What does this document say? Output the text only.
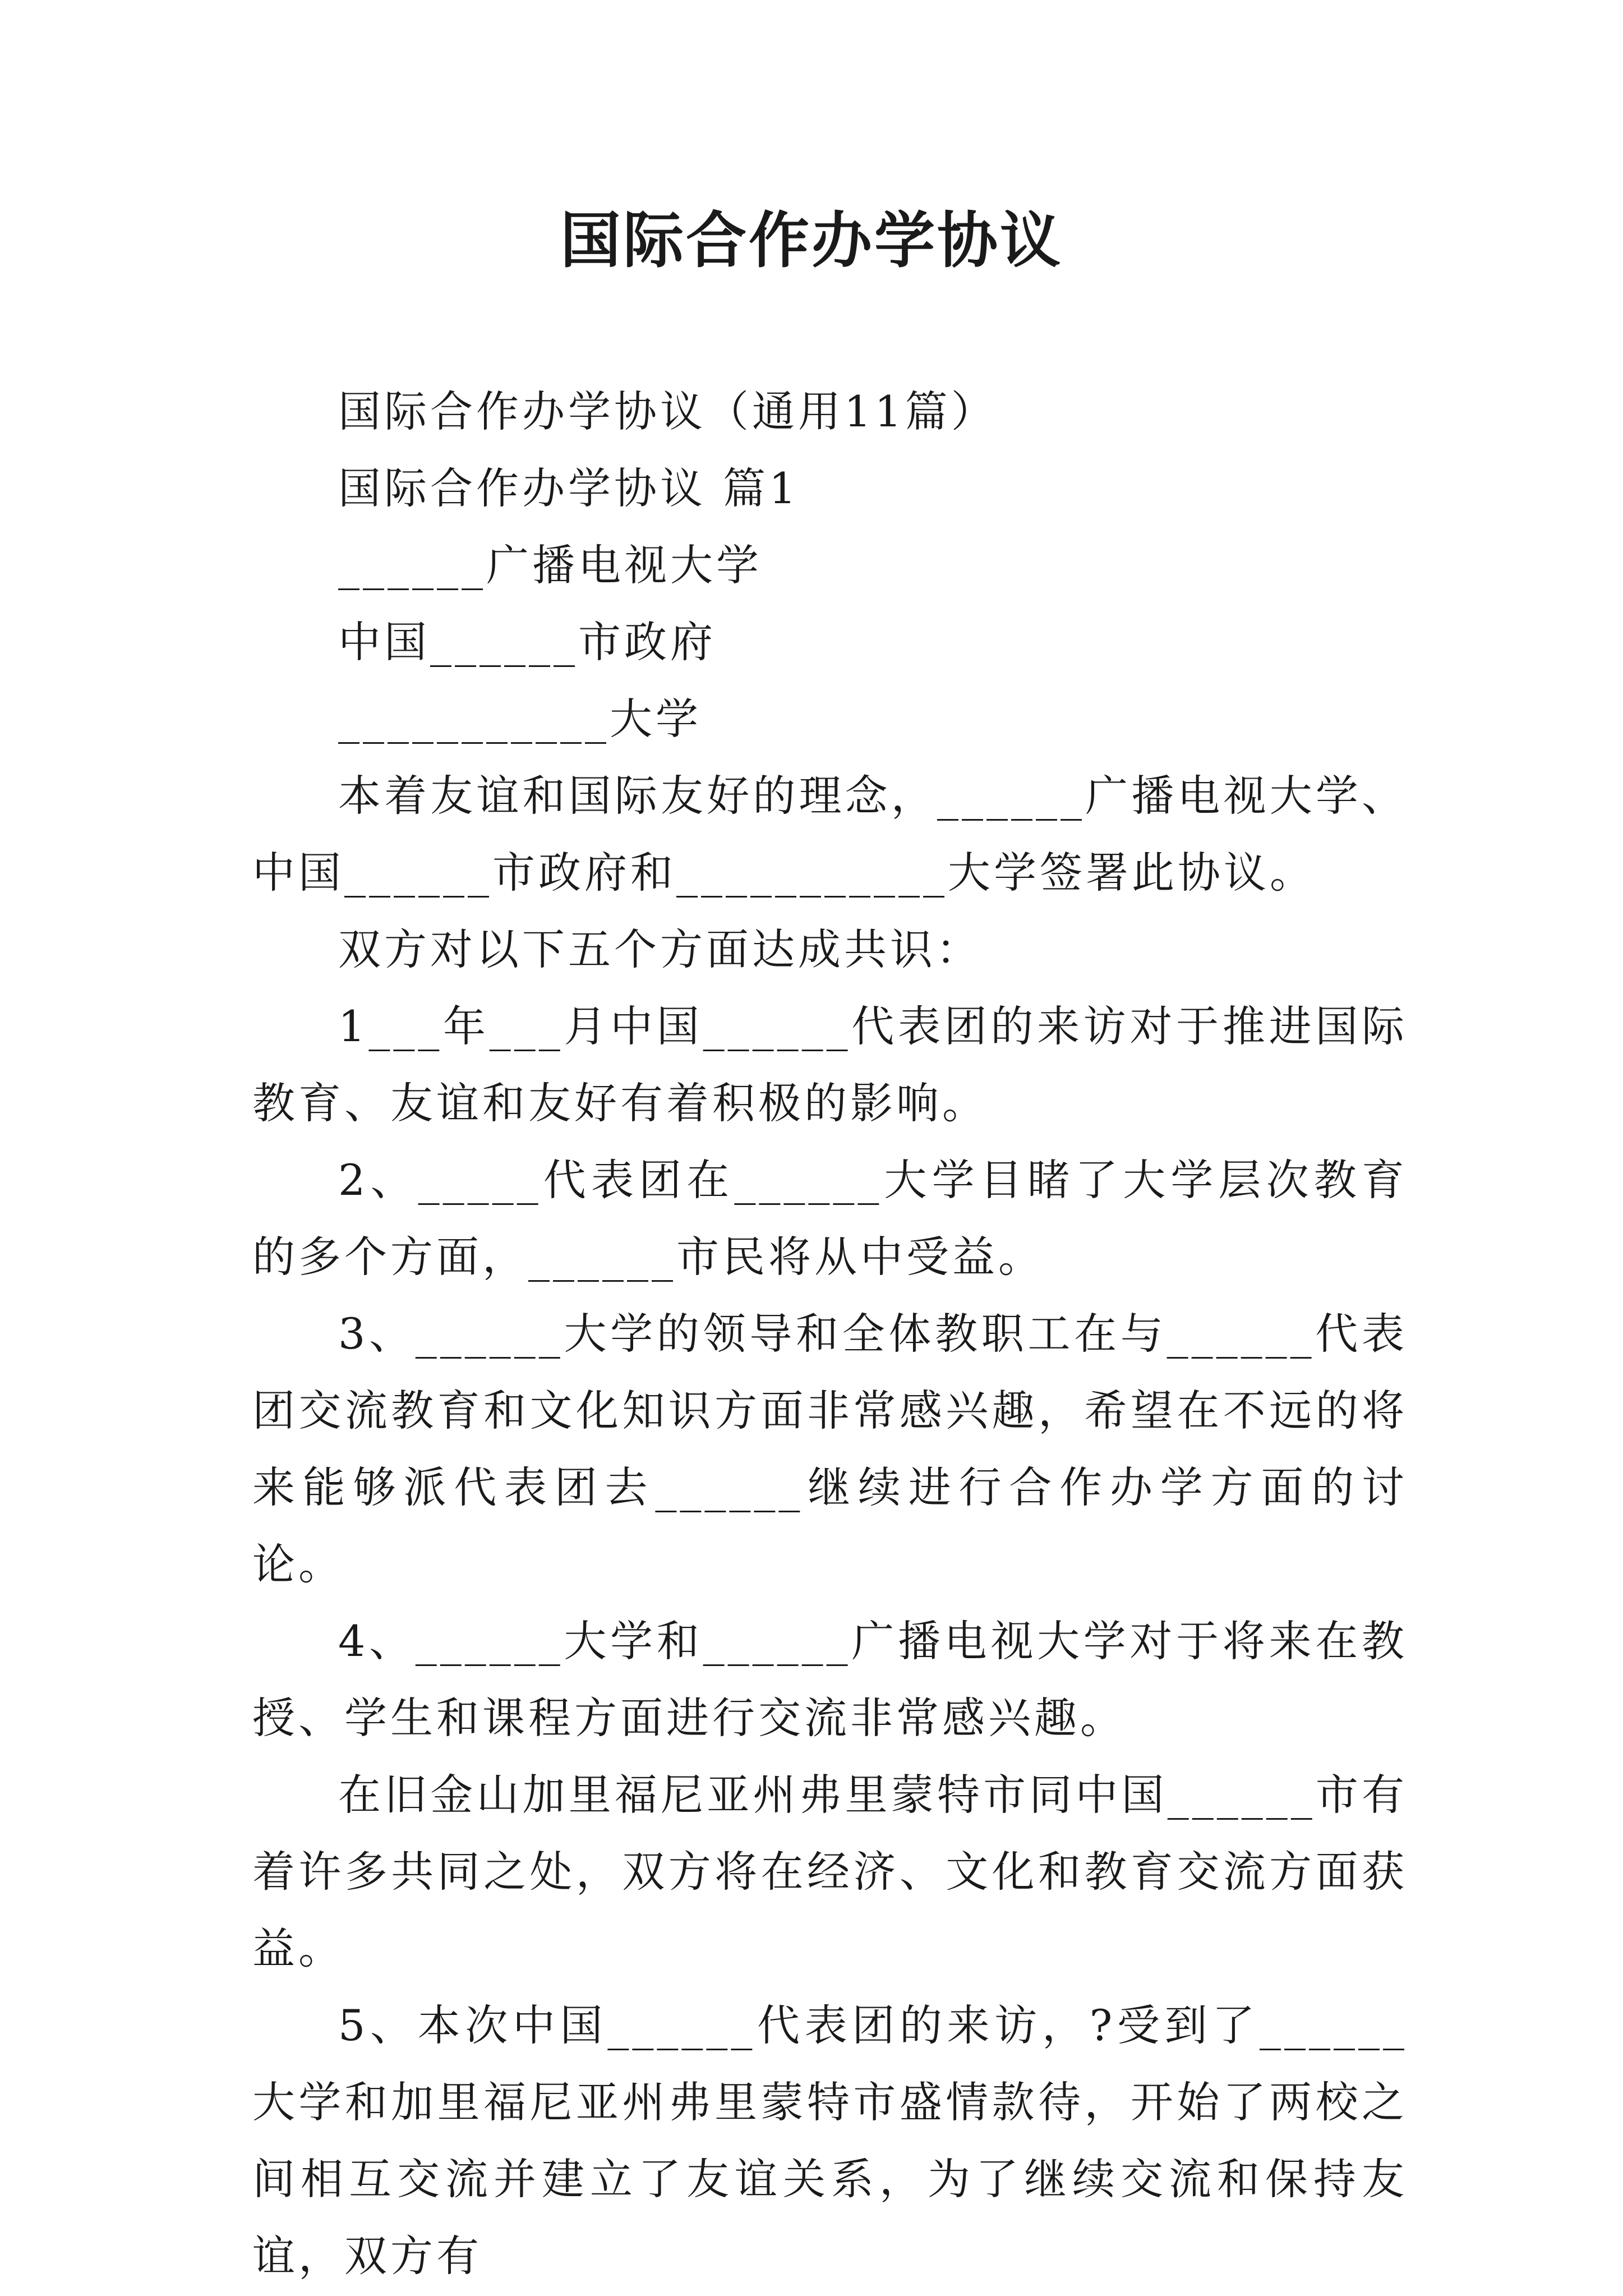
国际合作办学协议

国际合作办学协议（通用11篇）

国际合作办学协议 篇1

______广播电视大学

中国______市政府

___________大学

本着友谊和国际友好的理念，______广播电视大学、中国______市政府和___________大学签署此协议。

双方对以下五个方面达成共识：

1___年___月中国______代表团的来访对于推进国际教育、友谊和友好有着积极的影响。

2、_____代表团在______大学目睹了大学层次教育的多个方面，______市民将从中受益。

3、______大学的领导和全体教职工在与______代表团交流教育和文化知识方面非常感兴趣，希望在不远的将来能够派代表团去______继续进行合作办学方面的讨论。

4、______大学和______广播电视大学对于将来在教授、学生和课程方面进行交流非常感兴趣。

在旧金山加里福尼亚州弗里蒙特市同中国______市有着许多共同之处，双方将在经济、文化和教育交流方面获益。

5、本次中国______代表团的来访，?受到了______大学和加里福尼亚州弗里蒙特市盛情款待，开始了两校之间相互交流并建立了友谊关系，为了继续交流和保持友谊，双方有
